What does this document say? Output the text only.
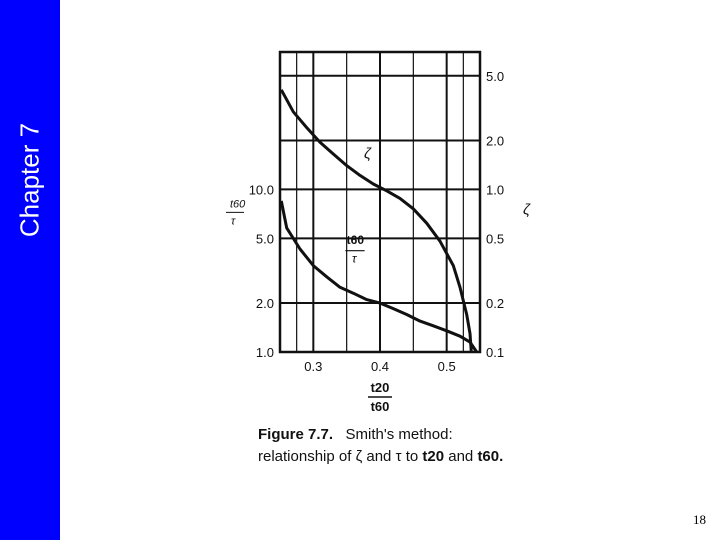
Chapter 7
0.3	0.4	0.5
5.0
2.0
1.0
0.5
0.2
0.1
10.0
5.0
2.0
1.0
ζ
t60
τ
t60
τ
ζ
t20
t60
Figure 7.7. Smith's method:
relationship of ζ and τ to t20 and t60.
18
